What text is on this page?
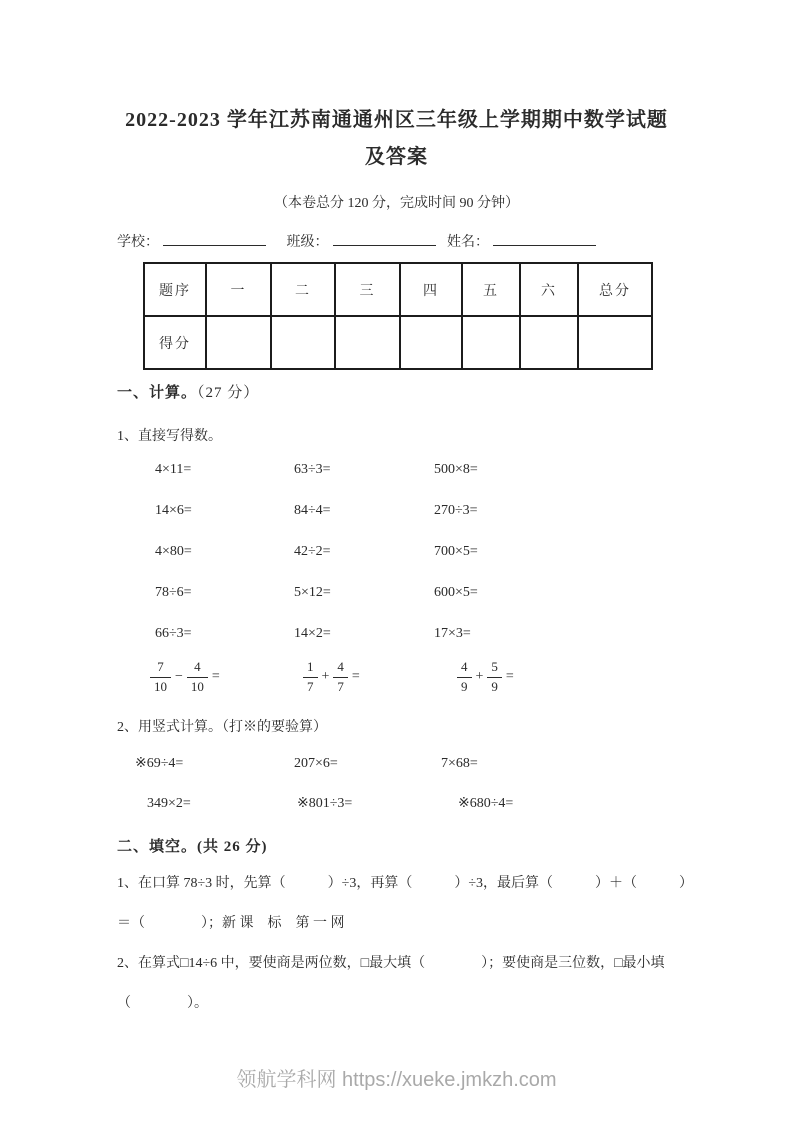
2022-2023 学年江苏南通通州区三年级上学期期中数学试题
及答案
（本卷总分 120 分，完成时间 90 分钟）
学校：	班级：	姓名：
题序	一	二	三	四	五	六	总分
得分							
一、计算。（27 分）
1、直接写得数。
4×11=	63÷3=	500×8=
14×6=	84÷4=	270÷3=
4×80=	42÷2=	700×5=
78÷6=	5×12=	600×5=
66÷3=	14×2=	17×3=
$\frac{7}{10} - \frac{4}{10}$ =	$\frac{1}{7} + \frac{4}{7}$ =	$\frac{4}{9} + \frac{5}{9}$ =
2、用竖式计算。（打※的要验算）
※69÷4=	207×6=	7×68=
349×2=	※801÷3=	※680÷4=
二、填空。(共 26 分)
1、在口算 78÷3 时，先算（　　　）÷3，再算（　　　）÷3，最后算（　　　）＋（　　　）
＝（　　　　）；新 课　标　第 一 网
2、在算式□14÷6 中，要使商是两位数，□最大填（　　　　）；要使商是三位数，□最小填
（　　　　）。
领航学科网 https://xueke.jmkzh.com
